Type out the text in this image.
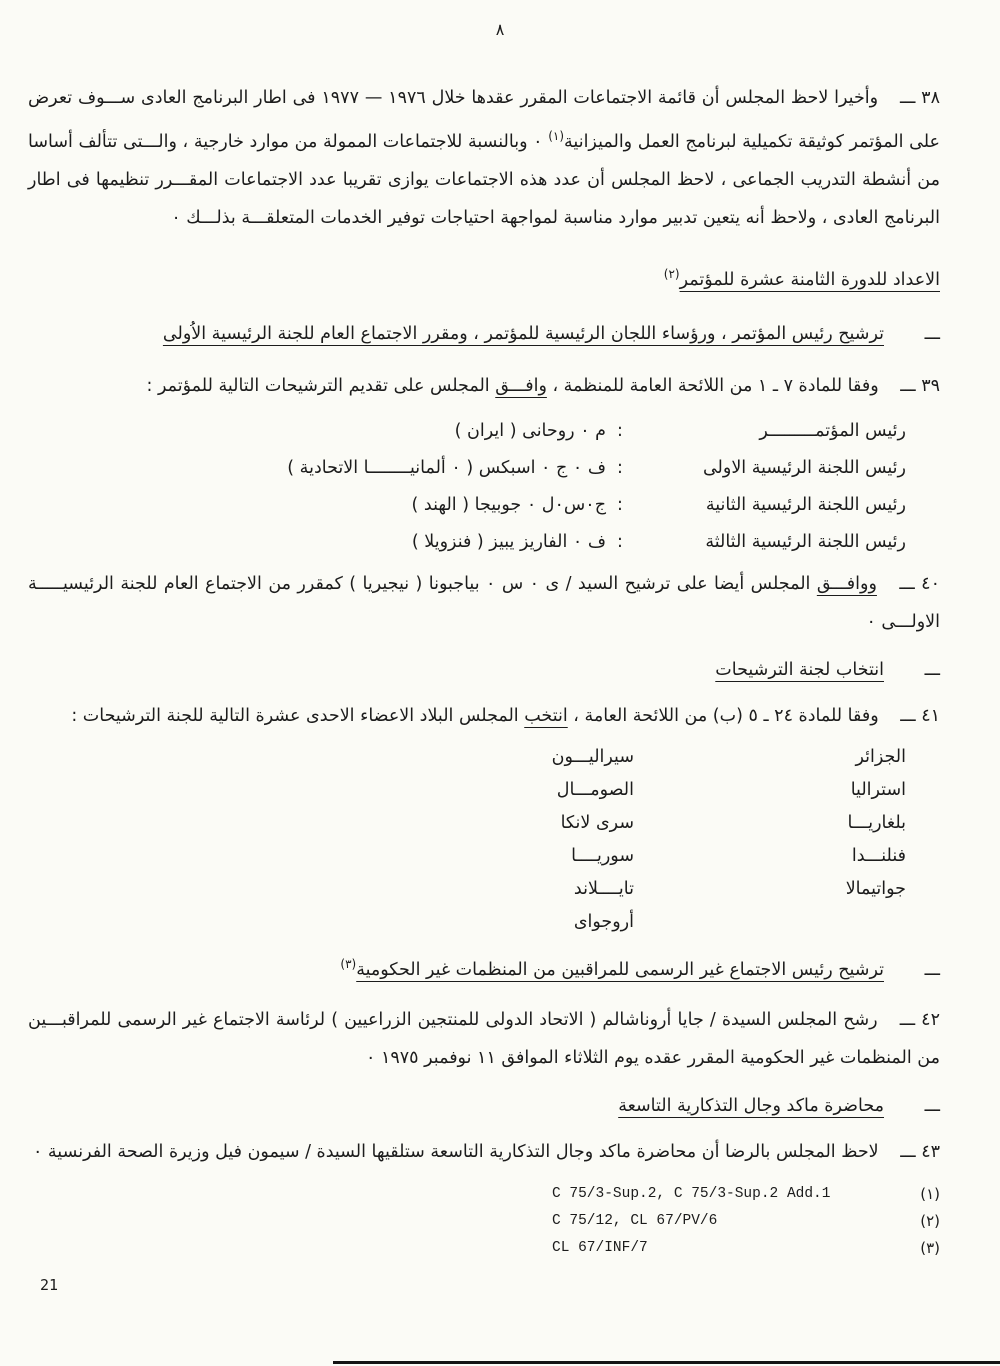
٨

٣٨ ـــ وأخيرا لاحظ المجلس أن قائمة الاجتماعات المقرر عقدها خلال ١٩٧٦ — ١٩٧٧ فى اطار البرنامج العادى ســـوف تعرض على المؤتمر كوثيقة تكميلية لبرنامج العمل والميزانية$^{(١)}$ ٠ وبالنسبة للاجتماعات الممولة من موارد خارجية ، والـــتى تتألف أساسا من أنشطة التدريب الجماعى ، لاحظ المجلس أن عدد هذه الاجتماعات يوازى تقريبا عدد الاجتماعات المقـــرر تنظيمها فى اطار البرنامج العادى ، ولاحظ أنه يتعين تدبير موارد مناسبة لمواجهة احتياجات توفير الخدمات المتعلقـــة بذلـــك ٠

الاعداد للدورة الثامنة عشرة للمؤتمر$^{(٢)}$
ـــ
ترشيح رئيس المؤتمر ، ورؤساء اللجان الرئيسية للمؤتمر ، ومقرر الاجتماع العام للجنة الرئيسية الاُولى

٣٩ ـــ وفقا للمادة ٧ ـ ١ من اللائحة العامة للمنظمة ، وافـــق المجلس على تقديم الترشيحات التالية للمؤتمر :

رئيس المؤتمـــــــــر
:
م ٠ روحانى ( ايران )
رئيس اللجنة الرئيسية الاولى
:
ف ٠ ج ٠ اسبكس ( ٠ ألمانيــــــــا الاتحادية )
رئيس اللجنة الرئيسية الثانية
:
ج٠س٠ل ٠ جوبيجا ( الهند )
رئيس اللجنة الرئيسية الثالثة
:
ف ٠ الفاريز يبيز ( فنزويلا )

٤٠ ـــ ووافـــق المجلس أيضا على ترشيح السيد / ى ٠ س ٠ بياجبونا ( نيجيريا ) كمقرر من الاجتماع العام للجنة الرئيسيـــــة الاولـــى ٠

ـــ
انتخاب لجنة الترشيحات

٤١ ـــ وفقا للمادة ٢٤ ـ ٥ (ب) من اللائحة العامة ، انتخب المجلس البلاد الاعضاء الاحدى عشرة التالية للجنة الترشيحات :

الجزائر
سيراليـــون
استراليا
الصومـــال
بلغاريـــا
سرى لانكا
فنلنـــدا
سوريــــا
جواتيمالا
تايــــلاند
أروجواى
ـــ
ترشيح رئيس الاجتماع غير الرسمى للمراقبين من المنظمات غير الحكومية$^{(٣)}$

٤٢ ـــ رشح المجلس السيدة / جايا أروناشالم ( الاتحاد الدولى للمنتجين الزراعيين ) لرئاسة الاجتماع غير الرسمى للمراقبـــين من المنظمات غير الحكومية المقرر عقده يوم الثلاثاء الموافق ١١ نوفمبر ١٩٧٥ ٠

ـــ
محاضرة ماكد وجال التذكارية التاسعة

٤٣ ـــ لاحظ المجلس بالرضا أن محاضرة ماكد وجال التذكارية التاسعة ستلقيها السيدة / سيمون فيل وزيرة الصحة الفرنسية ٠

(١)
C 75/3-Sup.2, C 75/3-Sup.2 Add.1
(٢)
C 75/12, CL 67/PV/6
(٣)
CL 67/INF/7
21
